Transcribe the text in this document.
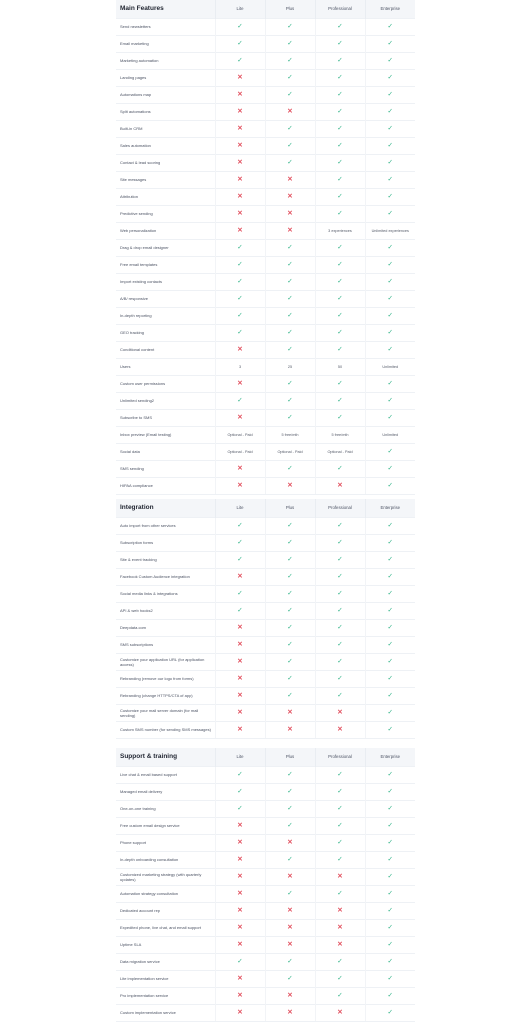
Main Features	Lite	Plus	Professional	Enterprise
Send newsletters	✓	✓	✓	✓
Email marketing	✓	✓	✓	✓
Marketing automation	✓	✓	✓	✓
Landing pages	✕	✓	✓	✓
Automations map	✕	✓	✓	✓
Split automations	✕	✕	✓	✓
Built-in CRM	✕	✓	✓	✓
Sales automation	✕	✓	✓	✓
Contact & lead scoring	✕	✓	✓	✓
Site messages	✕	✕	✓	✓
Attribution	✕	✕	✓	✓
Predictive sending	✕	✕	✓	✓
Web personalization	✕	✕	3 experiences	Unlimited experiences
Drag & drop email designer	✓	✓	✓	✓
Free email templates	✓	✓	✓	✓
Import existing contacts	✓	✓	✓	✓
A/B/ responsive	✓	✓	✓	✓
In-depth reporting	✓	✓	✓	✓
GEO tracking	✓	✓	✓	✓
Conditional content	✕	✓	✓	✓
Users	3	25	50	Unlimited
Custom user permissions	✕	✓	✓	✓
Unlimited sending2	✓	✓	✓	✓
Subscribe to SMS	✕	✓	✓	✓
Inbox preview (Email testing)	Optional - Paid	5 free/mth	5 free/mth	Unlimited
Social data	Optional - Paid	Optional - Paid	Optional - Paid	✓
SMS sending	✕	✓	✓	✓
HIPAA compliance	✕	✕	✕	✓
Integration	Lite	Plus	Professional	Enterprise
Auto import from other services	✓	✓	✓	✓
Subscription forms	✓	✓	✓	✓
Site & event tracking	✓	✓	✓	✓
Facebook Custom Audience integration	✕	✓	✓	✓
Social media links & integrations	✓	✓	✓	✓
API & web hooks2	✓	✓	✓	✓
Deepdata.com	✕	✓	✓	✓
SMS subscriptions	✕	✓	✓	✓
Customize your application URL (for application access)	✕	✓	✓	✓
Rebranding (remove our logo from forms)	✕	✓	✓	✓
Rebranding (change HTTPS/CTA of app)	✕	✓	✓	✓
Customize your mail server domain (for mail sending)	✕	✕	✕	✓
Custom SMS number (for sending SMS messages)	✕	✕	✕	✓
Support & training	Lite	Plus	Professional	Enterprise
Live chat & email based support	✓	✓	✓	✓
Managed email delivery	✓	✓	✓	✓
One-on-one training	✓	✓	✓	✓
Free custom email design service	✕	✓	✓	✓
Phone support	✕	✕	✓	✓
In-depth onboarding consultation	✕	✓	✓	✓
Customized marketing strategy (with quarterly updates)	✕	✕	✕	✓
Automation strategy consultation	✕	✓	✓	✓
Dedicated account rep	✕	✕	✕	✓
Expedited phone, live chat, and email support	✕	✕	✕	✓
Uptime SLA	✕	✕	✕	✓
Data migration service	✓	✓	✓	✓
Lite implementation service	✕	✓	✓	✓
Pro implementation service	✕	✕	✓	✓
Custom implementation service	✕	✕	✕	✓
